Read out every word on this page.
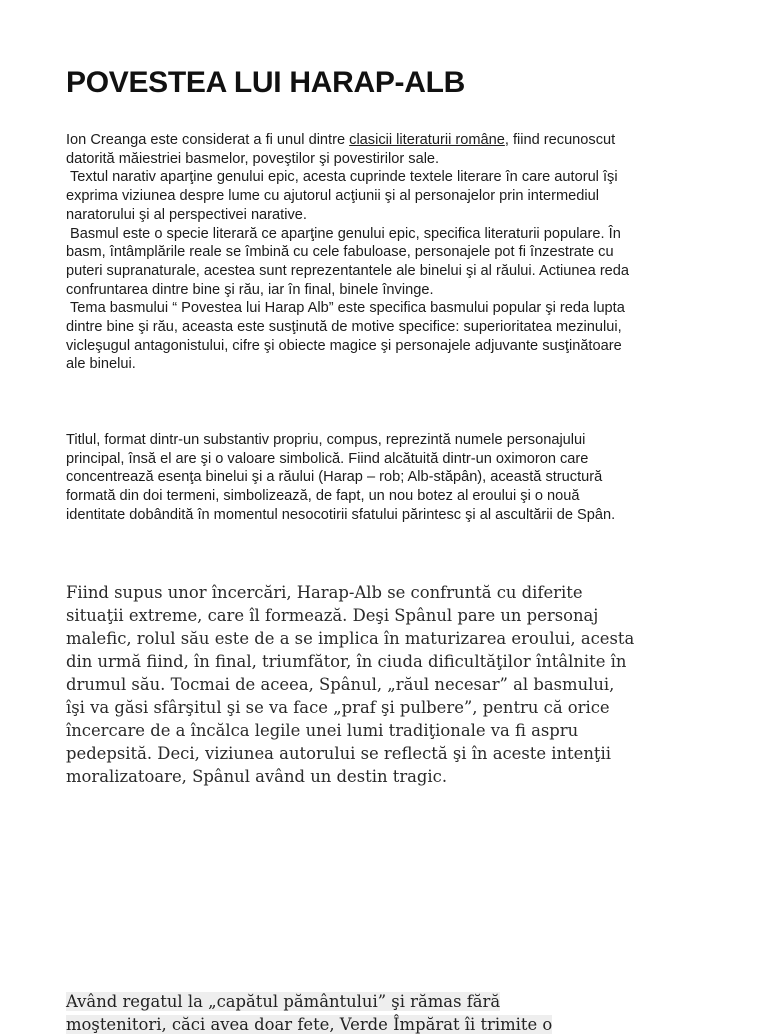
POVESTEA LUI HARAP-ALB

Ion Creanga este considerat a fi unul dintre clasicii literaturii române, fiind recunoscut datorită măiestriei basmelor, poveştilor şi povestirilor sale.

Textul narativ aparţine genului epic, acesta cuprinde textele literare în care autorul îşi exprima viziunea despre lume cu ajutorul acţiunii şi al personajelor prin intermediul naratorului şi al perspectivei narative.

Basmul este o specie literară ce aparţine genului epic, specifica literaturii populare. În basm, întâmplările reale se îmbină cu cele fabuloase, personajele pot fi înzestrate cu puteri supranaturale, acestea sunt reprezentantele ale binelui şi al răului. Actiunea reda confruntarea dintre bine şi rău, iar în final, binele învinge.

Tema basmului “ Povestea lui Harap Alb” este specifica basmului popular şi reda lupta dintre bine şi rău, aceasta este susţinută de motive specifice: superioritatea mezinului, vicleşugul antagonistului, cifre şi obiecte magice şi personajele adjuvante susţinătoare ale binelui.

Titlul, format dintr-un substantiv propriu, compus, reprezintă numele personajului principal, însă el are şi o valoare simbolică. Fiind alcătuită dintr-un oximoron care concentrează esenţa binelui şi a răului (Harap – rob; Alb-stăpân), această structură formată din doi termeni, simbolizează, de fapt, un nou botez al eroului şi o nouă identitate dobândită în momentul nesocotirii sfatului părintesc şi al ascultării de Spân.

Fiind supus unor încercări, Harap-Alb se confruntă cu diferite situaţii extreme, care îl formează. Deşi Spânul pare un personaj malefic, rolul său este de a se implica în maturizarea eroului, acesta din urmă fiind, în final, triumfător, în ciuda dificultăţilor întâlnite în drumul său. Tocmai de aceea, Spânul, „răul necesar” al basmului, îşi va găsi sfârşitul şi se va face „praf şi pulbere”, pentru că orice încercare de a încălca legile unei lumi tradiţionale va fi aspru pedepsită. Deci, viziunea autorului se reflectă şi în aceste intenţii moralizatoare, Spânul având un destin tragic.

Având regatul la „capătul pământului” şi rămas fără

moştenitori, căci avea doar fete, Verde Împărat îi trimite o
